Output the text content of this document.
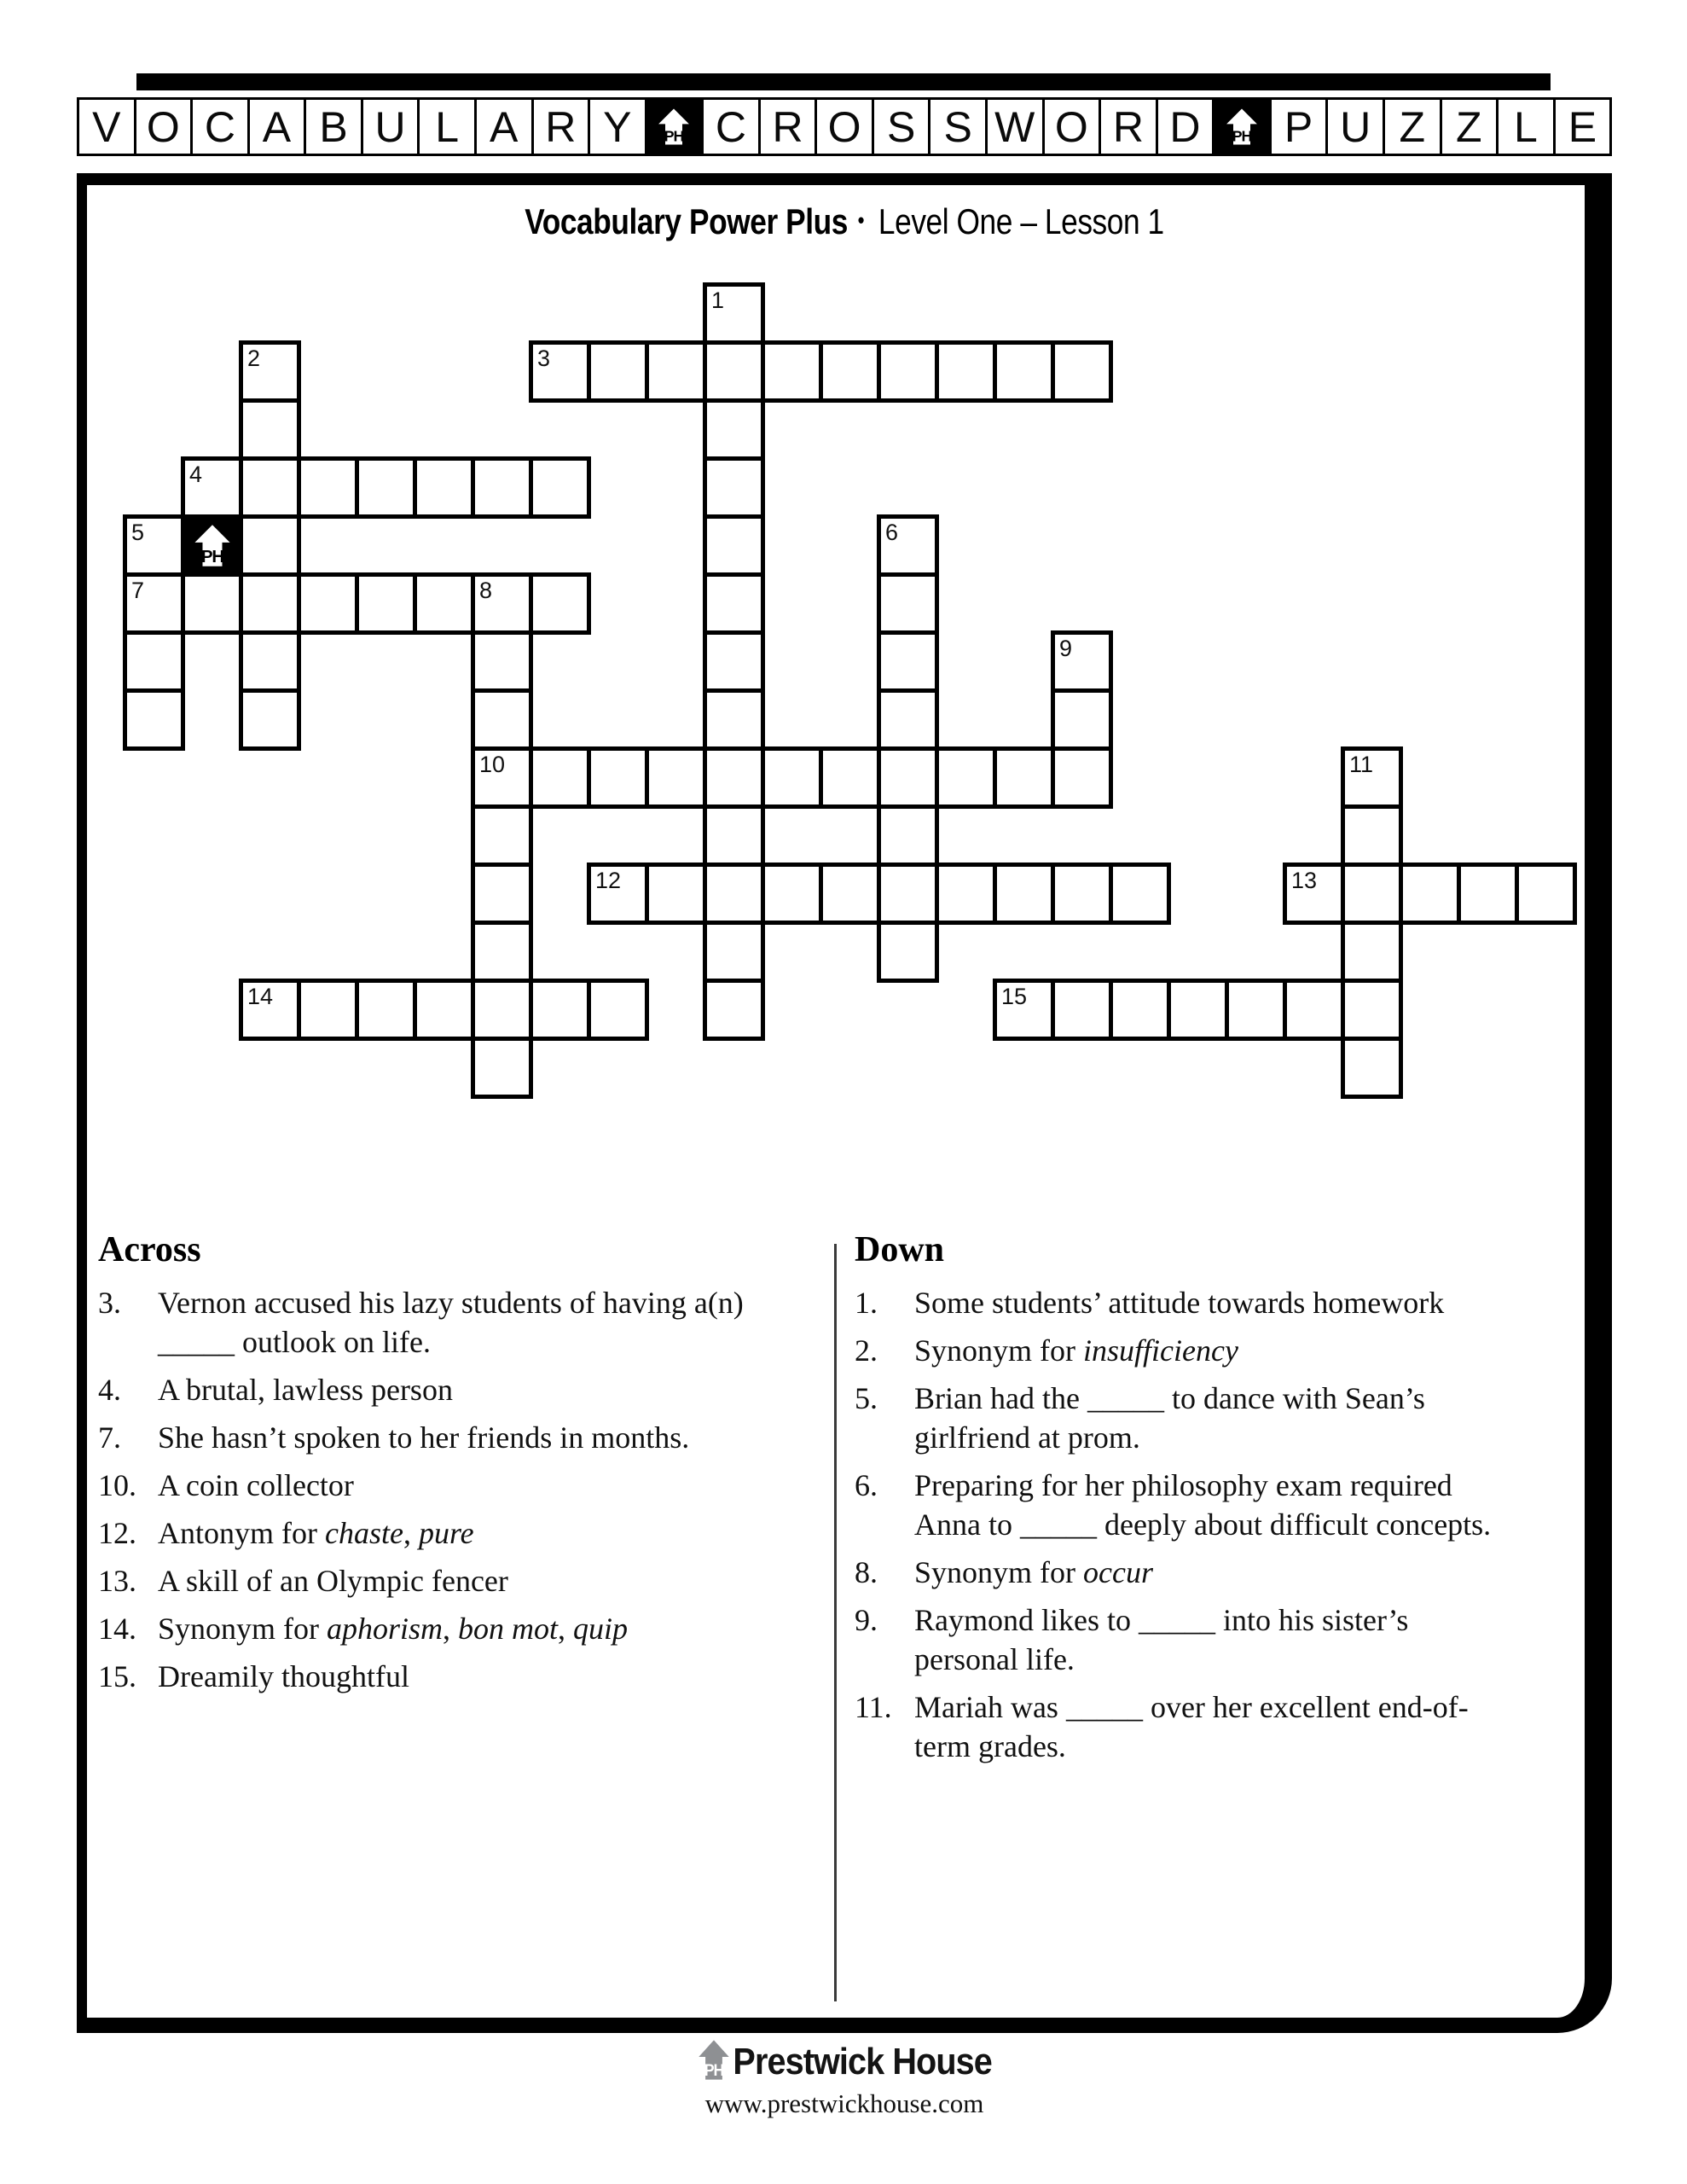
V O C A B U L A R Y	PH C R O S S W O R D	PH P U Z Z L E
Vocabulary Power Plus • Level One – Lesson 1
3
4
7	8
10
12	13
14	15
1
2
5	6
9
11
PH
Across
3.	Vernon accused his lazy students of having a(n)
_____ outlook on life.
4.	A brutal, lawless person
7.	She hasn’t spoken to her friends in months.
10. A coin collector
12. Antonym for chaste, pure
13. A skill of an Olympic fencer
14. Synonym for aphorism, bon mot, quip
15. Dreamily thoughtful
Down
1.	Some students’ attitude towards homework
2.	Synonym for insufficiency
5.	Brian had the _____ to dance with Sean’s
girlfriend at prom.
6.	Preparing for her philosophy exam required
Anna to _____ deeply about difficult concepts.
8.	Synonym for occur
9.	Raymond likes to _____ into his sister’s
personal life.
11. Mariah was _____ over her excellent end-of-
term grades.
PH Prestwick House
www.prestwickhouse.com
